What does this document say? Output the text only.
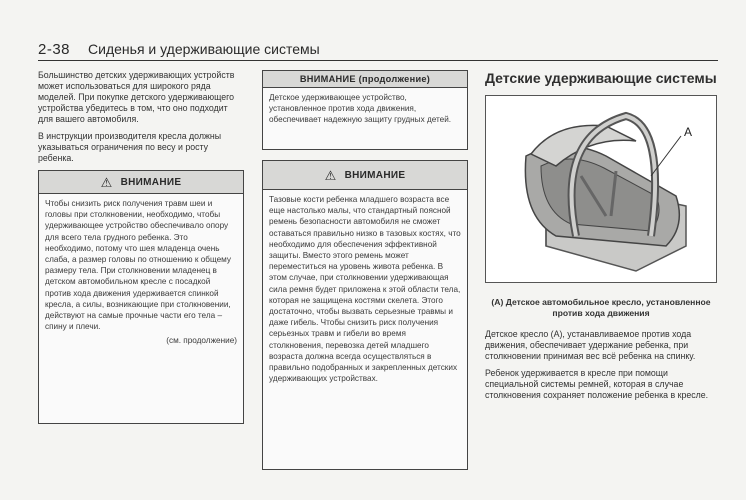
2-38 Сиденья и удерживающие системы

Большинство детских удерживающих устройств может использоваться для широкого ряда моделей. При покупке детского удерживающего устройства убедитесь в том, что оно подходит для вашего автомобиля.

В инструкции производителя кресла должны указываться ограничения по весу и росту ребенка.

⚠ ВНИМАНИЕ
Чтобы снизить риск получения травм шеи и головы при столкновении, необходимо, чтобы удерживающее устройство обеспечивало опору для всего тела грудного ребенка. Это необходимо, потому что шея младенца очень слаба, а размер головы по отношению к общему размеру тела. При столкновении младенец в детском автомобильном кресле с посадкой против хода движения удерживается спинкой кресла, а силы, возникающие при столкновении, действуют на самые прочные части его тела – спину и плечи.
(см. продолжение)
ВНИМАНИЕ (продолжение)
Детское удерживающее устройство, установленное против хода движения, обеспечивает надежную защиту грудных детей.
⚠ ВНИМАНИЕ
Тазовые кости ребенка младшего возраста все еще настолько малы, что стандартный поясной ремень безопасности автомобиля не сможет оставаться правильно низко в тазовых костях, что необходимо для обеспечения эффективной защиты. Вместо этого ремень может переместиться на уровень живота ребенка. В этом случае, при столкновении удерживающая сила ремня будет приложена к этой области тела, которая не защищена костями скелета. Этого достаточно, чтобы вызвать серьезные травмы и даже гибель. Чтобы снизить риск получения серьезных травм и гибели во время столкновения, перевозка детей младшего возраста должна всегда осуществляться в правильно подобранных и закрепленных детских удерживающих устройствах.
Детские удерживающие системы
A
(A) Детское автомобильное кресло, установленное против хода движения

Детское кресло (A), устанавливаемое против хода движения, обеспечивает удержание ребенка, при столкновении принимая вес всё ребенка на спинку.

Ребенок удерживается в кресле при помощи специальной системы ремней, которая в случае столкновения сохраняет положение ребенка в кресле.
